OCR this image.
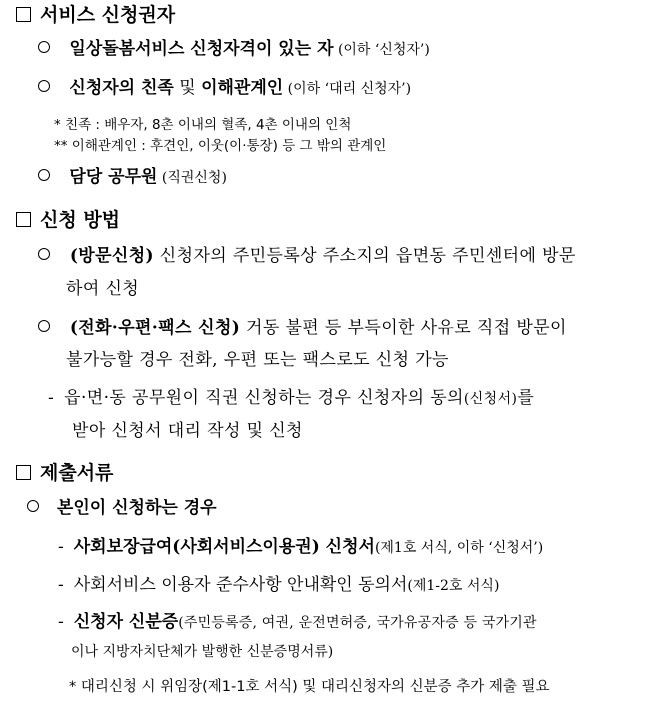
서비스 신청권자
일상돌봄서비스 신청자격이 있는 자 (이하 ‘신청자’)
신청자의 친족 및 이해관계인 (이하 ‘대리 신청자’)
* 친족 : 배우자, 8촌 이내의 혈족, 4촌 이내의 인척
** 이해관계인 : 후견인, 이웃(이·통장) 등 그 밖의 관계인
담당 공무원 (직권신청)
신청 방법
(방문신청) 신청자의 주민등록상 주소지의 읍면동 주민센터에 방문
하여 신청
(전화·우편·팩스 신청) 거동 불편 등 부득이한 사유로 직접 방문이
불가능할 경우 전화, 우편 또는 팩스로도 신청 가능
- 읍·면·동 공무원이 직권 신청하는 경우 신청자의 동의(신청서)를
받아 신청서 대리 작성 및 신청
제출서류
본인이 신청하는 경우
- 사회보장급여(사회서비스이용권) 신청서(제1호 서식, 이하 ‘신청서’)
- 사회서비스 이용자 준수사항 안내확인 동의서(제1-2호 서식)
- 신청자 신분증(주민등록증, 여권, 운전면허증, 국가유공자증 등 국가기관
이나 지방자치단체가 발행한 신분증명서류)
* 대리신청 시 위임장(제1-1호 서식) 및 대리신청자의 신분증 추가 제출 필요
